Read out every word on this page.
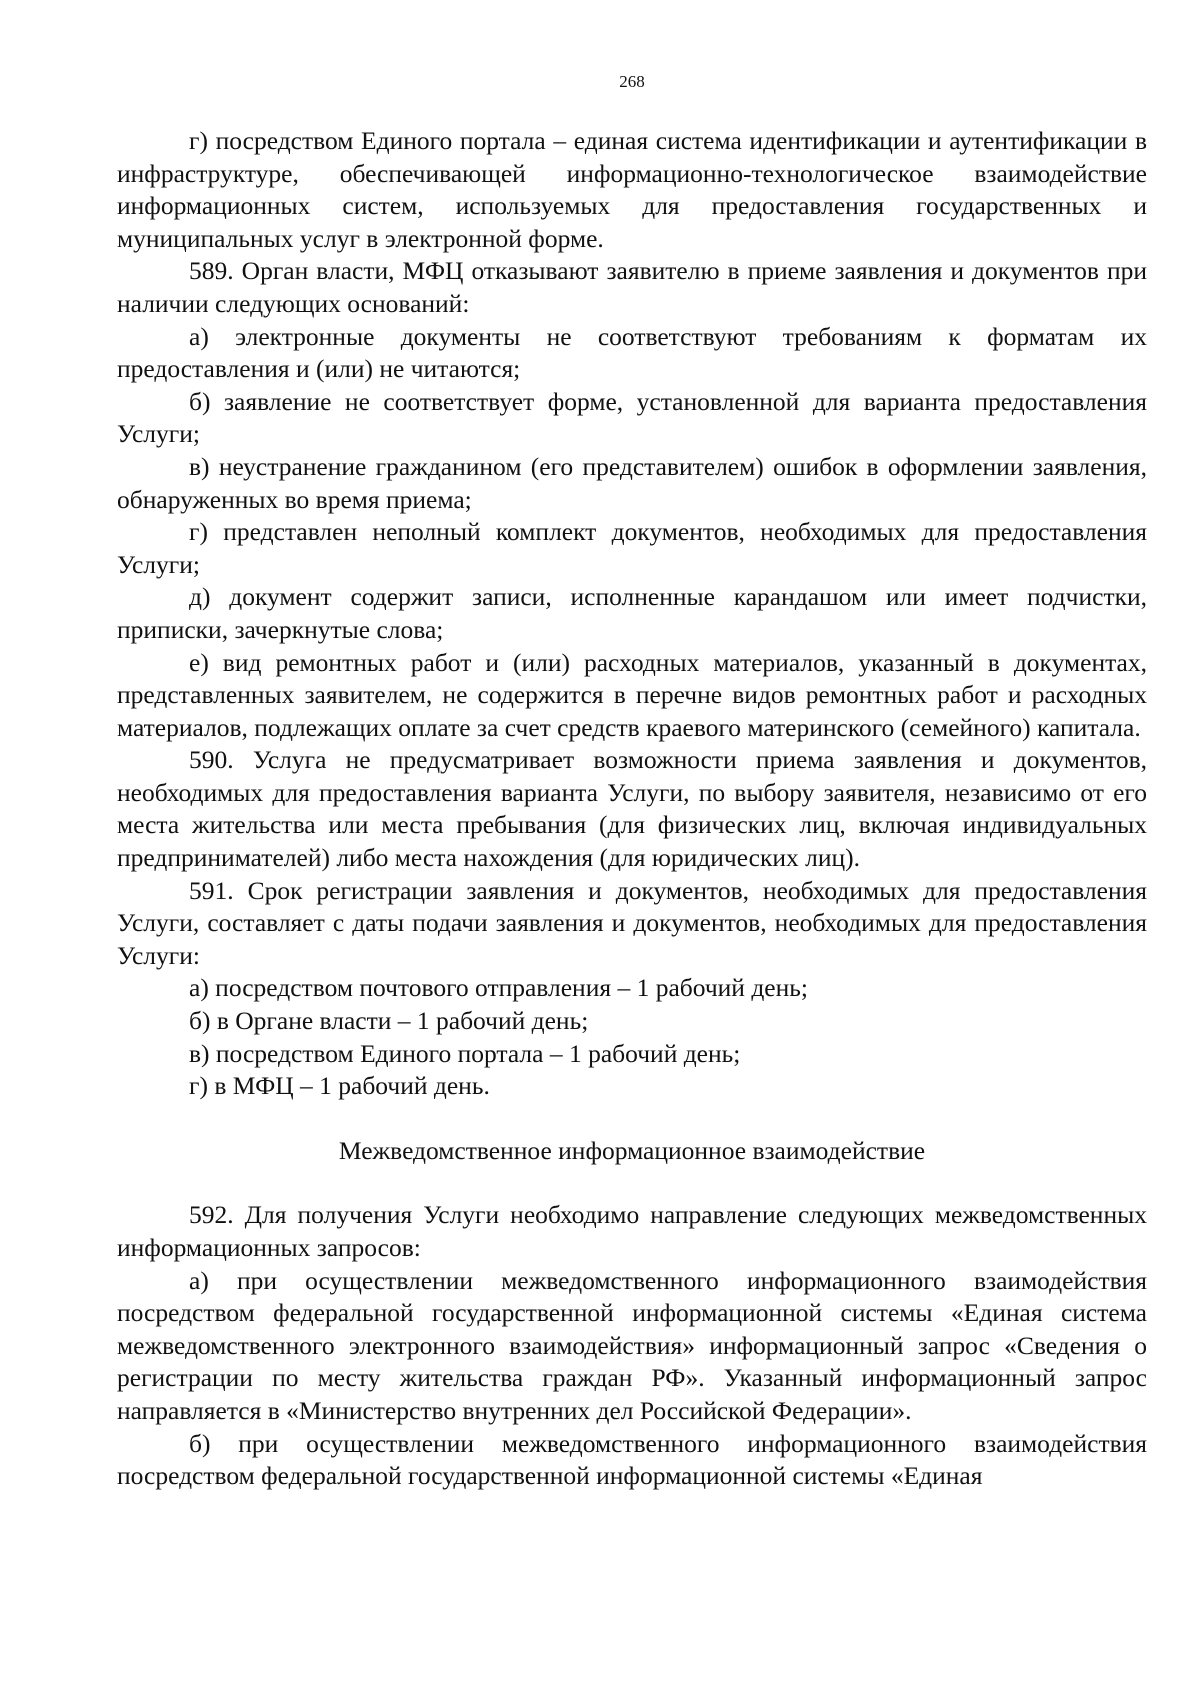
268

г) посредством Единого портала – единая система идентификации и аутентификации в инфраструктуре, обеспечивающей информационно-технологическое взаимодействие информационных систем, используемых для предоставления государственных и муниципальных услуг в электронной форме.

589. Орган власти, МФЦ отказывают заявителю в приеме заявления и документов при наличии следующих оснований:

а) электронные документы не соответствуют требованиям к форматам их предоставления и (или) не читаются;

б) заявление не соответствует форме, установленной для варианта предоставления Услуги;

в) неустранение гражданином (его представителем) ошибок в оформлении заявления, обнаруженных во время приема;

г) представлен неполный комплект документов, необходимых для предоставления Услуги;

д) документ содержит записи, исполненные карандашом или имеет подчистки, приписки, зачеркнутые слова;

е) вид ремонтных работ и (или) расходных материалов, указанный в документах, представленных заявителем, не содержится в перечне видов ремонтных работ и расходных материалов, подлежащих оплате за счет средств краевого материнского (семейного) капитала.

590. Услуга не предусматривает возможности приема заявления и документов, необходимых для предоставления варианта Услуги, по выбору заявителя, независимо от его места жительства или места пребывания (для физических лиц, включая индивидуальных предпринимателей) либо места нахождения (для юридических лиц).

591. Срок регистрации заявления и документов, необходимых для предоставления Услуги, составляет с даты подачи заявления и документов, необходимых для предоставления Услуги:

а) посредством почтового отправления – 1 рабочий день;

б) в Органе власти – 1 рабочий день;

в) посредством Единого портала – 1 рабочий день;

г) в МФЦ – 1 рабочий день.

Межведомственное информационное взаимодействие

592. Для получения Услуги необходимо направление следующих межведомственных информационных запросов:

а) при осуществлении межведомственного информационного взаимодействия посредством федеральной государственной информационной системы «Единая система межведомственного электронного взаимодействия» информационный запрос «Сведения о регистрации по месту жительства граждан РФ». Указанный информационный запрос направляется в «Министерство внутренних дел Российской Федерации».

б) при осуществлении межведомственного информационного взаимодействия посредством федеральной государственной информационной системы «Единая
